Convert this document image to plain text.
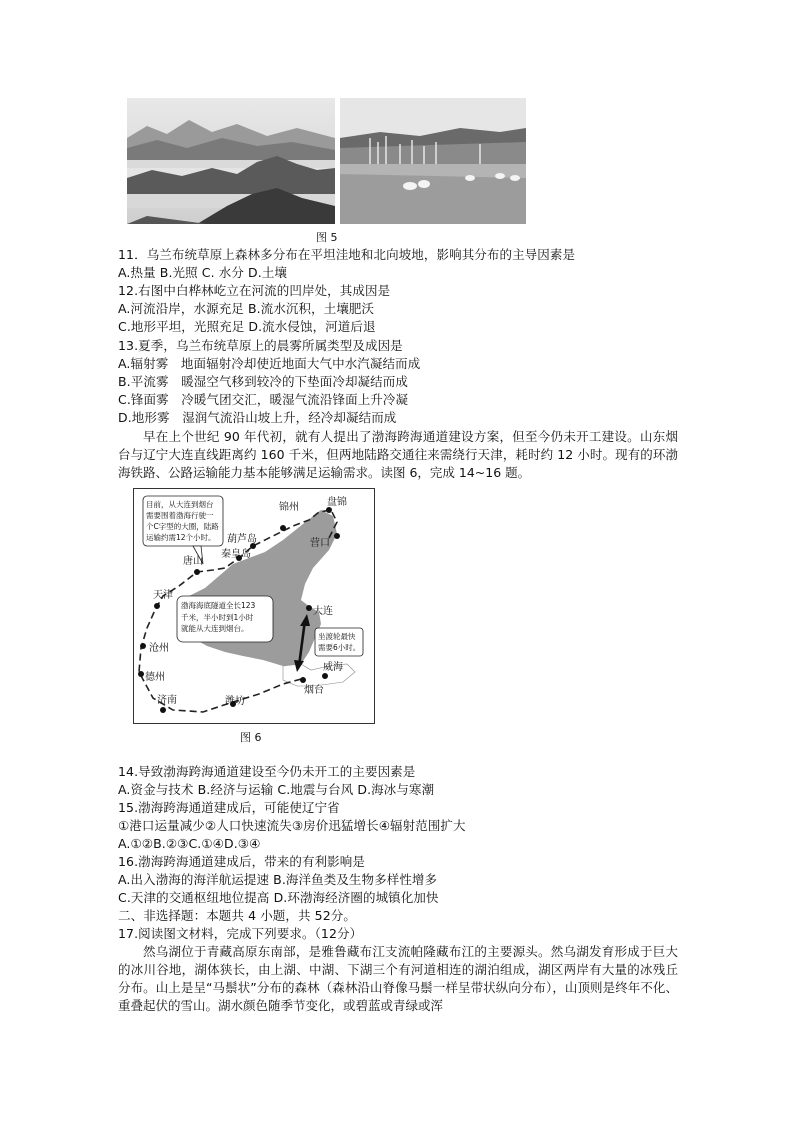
图 5
11．乌兰布统草原上森林多分布在平坦洼地和北向坡地，影响其分布的主导因素是
A.热量 B.光照 C. 水分 D.土壤
12.右图中白桦林屹立在河流的凹岸处，其成因是
A.河流沿岸，水源充足 B.流水沉积，土壤肥沃
C.地形平坦，光照充足 D.流水侵蚀，河道后退
13.夏季，乌兰布统草原上的晨雾所属类型及成因是
A.辐射雾　地面辐射冷却使近地面大气中水汽凝结而成
B.平流雾　暖湿空气移到较冷的下垫面冷却凝结而成
C.锋面雾　冷暖气团交汇，暖湿气流沿锋面上升冷凝
D.地形雾　湿润气流沿山坡上升，经冷却凝结而成
早在上个世纪 90 年代初，就有人提出了渤海跨海通道建设方案，但至今仍未开工建设。山东烟台与辽宁大连直线距离约 160 千米，但两地陆路交通往来需绕行天津，耗时约 12 小时。现有的环渤海铁路、公路运输能力基本能够满足运输需求。读图 6，完成 14~16 题。
目前，从大连到烟台
需要围着渤海行驶一
个C字型的大圈，陆路
运输约需12个小时。
渤海海底隧道全长123
千米，半小时到1小时
就能从大连到烟台。
坐渡轮最快
需要6小时。
锦州	盘锦
葫芦岛	营口
秦皇岛
唐山
天津
大连
沧州
威海
德州
烟台
济南	潍坊
图 6
14.导致渤海跨海通道建设至今仍未开工的主要因素是
A.资金与技术 B.经济与运输 C.地震与台风 D.海冰与寒潮
15.渤海跨海通道建成后，可能使辽宁省
①港口运量减少②人口快速流失③房价迅猛增长④辐射范围扩大
A.①②B.②③C.①④D.③④
16.渤海跨海通道建成后，带来的有利影响是
A.出入渤海的海洋航运提速 B.海洋鱼类及生物多样性增多
C.天津的交通枢纽地位提高 D.环渤海经济圈的城镇化加快
二、非选择题：本题共 4 小题，共 52分。
17.阅读图文材料，完成下列要求。（12分）
然乌湖位于青藏高原东南部，是雅鲁藏布江支流帕隆藏布江的主要源头。然乌湖发育形成于巨大的冰川谷地，湖体狭长，由上湖、中湖、下湖三个有河道相连的湖泊组成，湖区两岸有大量的冰残丘分布。山上是呈“马鬃状”分布的森林（森林沿山脊像马鬃一样呈带状纵向分布），山顶则是终年不化、重叠起伏的雪山。湖水颜色随季节变化，或碧蓝或青绿或浑
